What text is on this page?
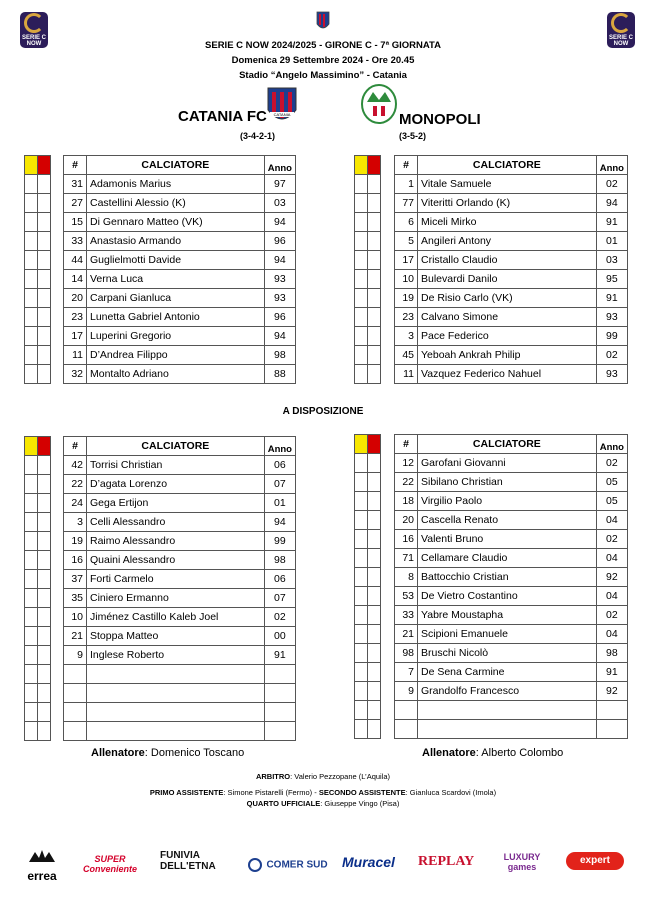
SERIE C
NOW
SERIE C
NOW
SERIE C NOW 2024/2025 - GIRONE C - 7ª GIORNATA
Domenica 29 Settembre 2024 - Ore 20.45
Stadio “Angelo Massimino” - Catania
CATANIA FC CATANIA
(3-4-2-1)
MONOPOLI
(3-5-2)

#	CALCIATORE	Anno
31	Adamonis Marius	97
27	Castellini Alessio (K)	03
15	Di Gennaro Matteo (VK)	94
33	Anastasio Armando	96
44	Guglielmotti Davide	94
14	Verna Luca	93
20	Carpani Gianluca	93
23	Lunetta Gabriel Antonio	96
17	Luperini Gregorio	94
11	D’Andrea Filippo	98
32	Montalto Adriano	88
#	CALCIATORE	Anno
1	Vitale Samuele	02
77	Viteritti Orlando (K)	94
6	Miceli Mirko	91
5	Angileri Antony	01
17	Cristallo Claudio	03
10	Bulevardi Danilo	95
19	De Risio Carlo (VK)	91
23	Calvano Simone	93
3	Pace Federico	99
45	Yeboah Ankrah Philip	02
11	Vazquez Federico Nahuel	93
A DISPOSIZIONE

#	CALCIATORE	Anno
42	Torrisi Christian	06
22	D’agata Lorenzo	07
24	Gega Ertijon	01
3	Celli Alessandro	94
19	Raimo Alessandro	99
16	Quaini Alessandro	98
37	Forti Carmelo	06
35	Ciniero Ermanno	07
10	Jiménez Castillo Kaleb Joel	02
21	Stoppa Matteo	00
9	Inglese Roberto	91

#	CALCIATORE	Anno
12	Garofani Giovanni	02
22	Sibilano Christian	05
18	Virgilio Paolo	05
20	Cascella Renato	04
16	Valenti Bruno	02
71	Cellamare Claudio	04
8	Battocchio Cristian	92
53	De Vietro Costantino	04
33	Yabre Moustapha	02
21	Scipioni Emanuele	04
98	Bruschi Nicolò	98
7	De Sena Carmine	91
9	Grandolfo Francesco	92

Allenatore: Domenico Toscano	Allenatore: Alberto Colombo
ARBITRO: Valerio Pezzopane (L’Aquila)
PRIMO ASSISTENTE: Simone Pistarelli (Fermo) - SECONDO ASSISTENTE: Gianluca Scardovi (Imola)
QUARTO UFFICIALE: Giuseppe Vingo (Pisa)
errea
SUPER Conveniente
FUNIVIA DELL'ETNA	COMER SUD Muracel REPLAY	LUXURY games
expert
